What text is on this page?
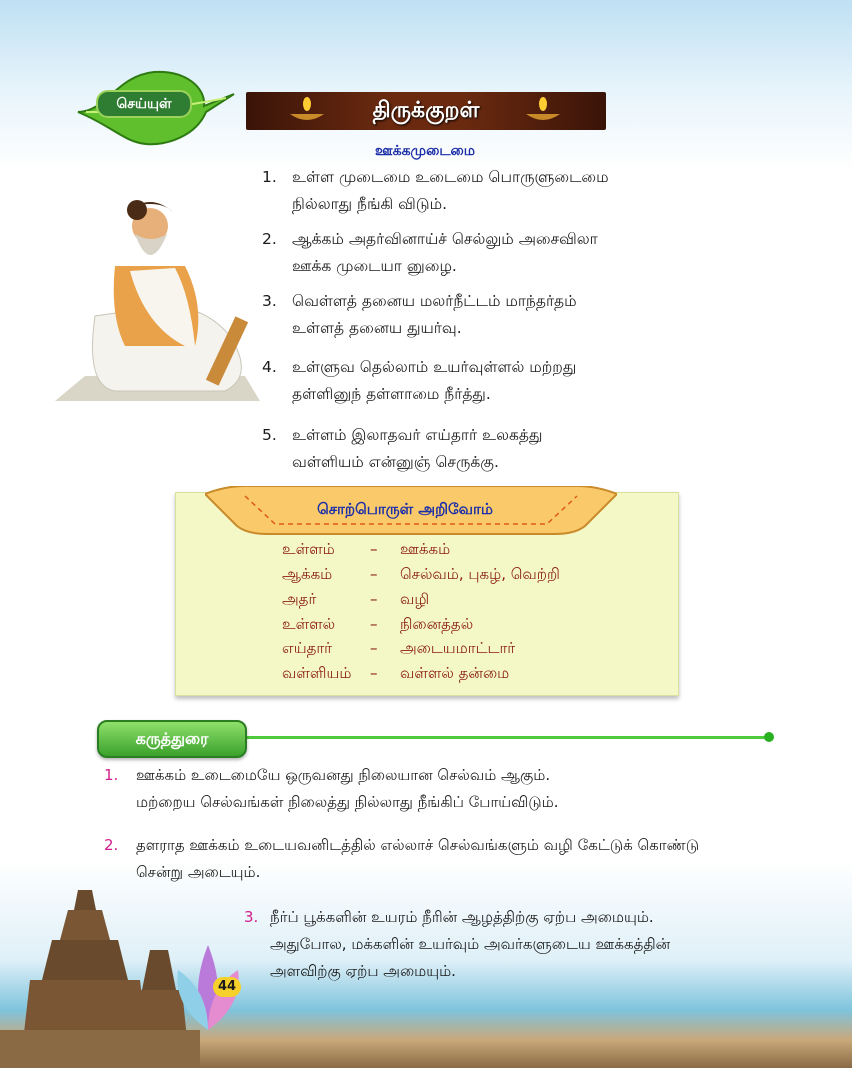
செய்யுள்	திருக்குறள்
ஊக்கமுடைமை
1. உள்ள முடைமை உடைமை பொருளுடைமை
நில்லாது நீங்கி விடும்.
2. ஆக்கம் அதர்வினாய்ச் செல்லும் அசைவிலா
ஊக்க முடையா னுழை.
3. வெள்ளத் தனைய மலர்நீட்டம் மாந்தர்தம்
உள்ளத் தனைய துயர்வு.
4. உள்ளுவ தெல்லாம் உயர்வுள்ளல் மற்றது
தள்ளினுந் தள்ளாமை நீர்த்து.
5. உள்ளம் இலாதவர் எய்தார் உலகத்து
வள்ளியம் என்னுஞ் செருக்கு.
சொற்பொருள் அறிவோம்
உள்ளம் – ஊக்கம்
ஆக்கம்	– செல்வம், புகழ், வெற்றி
அதர்	– வழி
உள்ளல் – நினைத்தல்
எய்தார்	– அடையமாட்டார்
வள்ளியம் – வள்ளல் தன்மை
கருத்துரை
1. ஊக்கம் உடைமையே ஒருவனது நிலையான செல்வம் ஆகும்.
மற்றைய செல்வங்கள் நிலைத்து நில்லாது நீங்கிப் போய்விடும்.
2. தளராத ஊக்கம் உடையவனிடத்தில் எல்லாச் செல்வங்களும் வழி கேட்டுக் கொண்டு
சென்று அடையும்.
3. நீர்ப் பூக்களின் உயரம் நீரின் ஆழத்திற்கு ஏற்ப அமையும்.
அதுபோல, மக்களின் உயர்வும் அவர்களுடைய ஊக்கத்தின்
அளவிற்கு ஏற்ப அமையும்.
44
